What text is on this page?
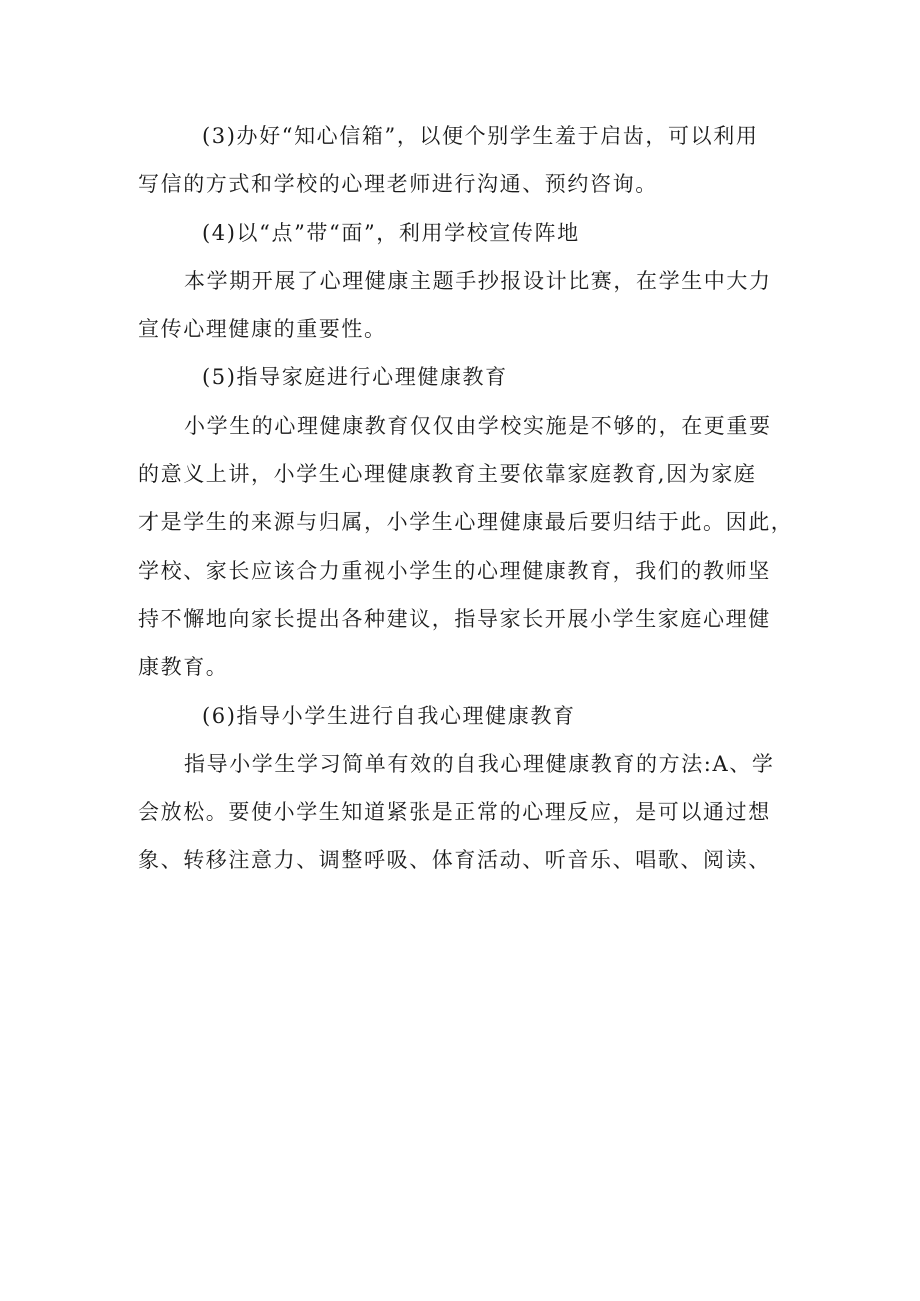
(3)办好“知心信箱”，以便个别学生羞于启齿，可以利用
写信的方式和学校的心理老师进行沟通、预约咨询。
(4)以“点”带“面”，利用学校宣传阵地
本学期开展了心理健康主题手抄报设计比赛，在学生中大力
宣传心理健康的重要性。
(5)指导家庭进行心理健康教育
小学生的心理健康教育仅仅由学校实施是不够的，在更重要
的意义上讲，小学生心理健康教育主要依靠家庭教育,因为家庭
才是学生的来源与归属，小学生心理健康最后要归结于此。因此，
学校、家长应该合力重视小学生的心理健康教育，我们的教师坚
持不懈地向家长提出各种建议，指导家长开展小学生家庭心理健
康教育。
(6)指导小学生进行自我心理健康教育
指导小学生学习简单有效的自我心理健康教育的方法:A、学
会放松。要使小学生知道紧张是正常的心理反应，是可以通过想
象、转移注意力、调整呼吸、体育活动、听音乐、唱歌、阅读、
